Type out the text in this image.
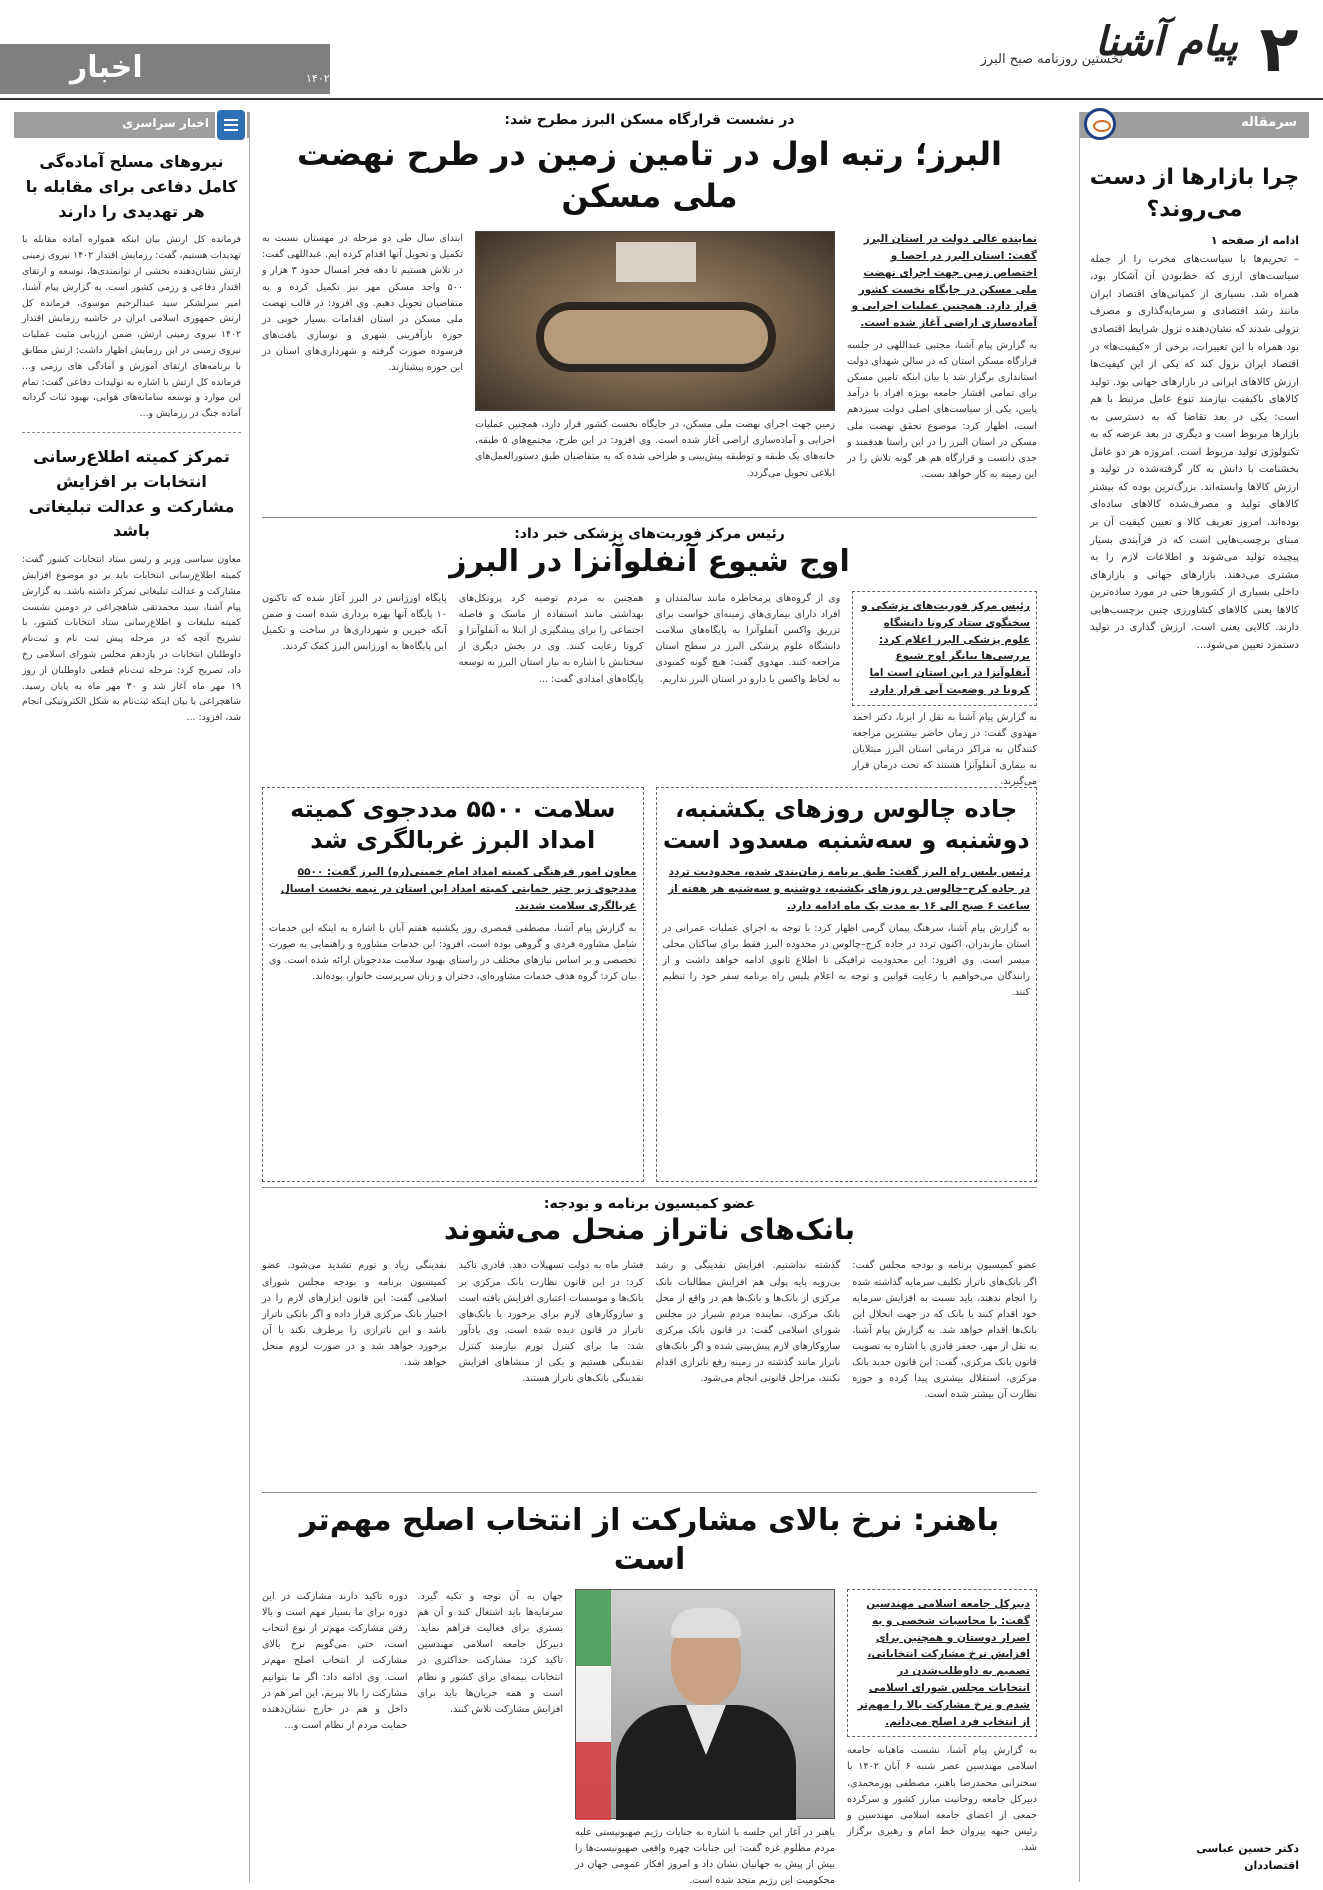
۲
پیام آشنا
نخستین روزنامه صبح البرز
شماره ۲۴۰۴
دوشنبه / ۸ آبان / ۱۴۰۲
اخبار
سرمقاله
چرا بازارها از دست می‌روند؟
ادامه از صفحه ۱
– تحریم‌ها با سیاست‌های مخرب را از جمله سیاست‌های ارزی که خط‌بودن آن آشکار بود، همراه شد. بسیاری از کمپانی‌های اقتصاد ایران مانند رشد اقتصادی و سرمایه‌گذاری و مصرف نزولی شدند که نشان‌دهنده نزول شرایط اقتصادی بود همراه با این تغییرات، برخی از «کیفیت‌ها» در اقتصاد ایران نزول کند که یکی از این کیفیت‌ها ارزش کالاهای ایرانی در بازارهای جهانی بود. تولید کالاهای باکیفیت نیازمند تنوع عامل مرتبط با هم است: یکی در بعد تقاضا که به دسترسی به بازارها مربوط است و دیگری در بعد عرضه که به تکنولوژی تولید مربوط است. امروزه هر دو عامل بخشنامت با دانش به کار گرفته‌شده در تولید و ارزش کالاها وابسته‌اند. بزرگ‌ترین بوده که بیشتر کالاهای تولید و مصرف‌شده کالاهای ساده‌ای بوده‌اند. امروز تعریف کالا و تعیین کیفیت آن بر مبنای برچسب‌هایی است که در فرآیندی بسیار پیچیده تولید می‌شوند و اطلاعات لازم را به مشتری می‌دهند. بازارهای جهانی و بازارهای داخلی بسیاری از کشورها حتی در مورد ساده‌ترین کالاها یعنی کالاهای کشاورزی چنین برچسب‌هایی دارند. کالایی یعنی است. ارزش گذاری در تولید دستمزد تعیین می‌شود...
دکتر حسین عباسی
اقتصاددان
اخبار سراسری
نیروهای مسلح آماده‌گی کامل دفاعی برای مقابله با هر تهدیدی را دارند
فرمانده کل ارتش بیان اینکه همواره آماده مقابله با تهدیدات هستیم، گفت: رزمایش اقتدار ۱۴۰۲ نیروی زمینی ارتش نشان‌دهنده بخشی از توانمندی‌ها، توسعه و ارتقای اقتدار دفاعی و رزمی کشور است. به گزارش پیام آشنا، امیر سرلشکر سید عبدالرحیم موسوی، فرمانده کل ارتش جمهوری اسلامی ایران در حاشیه رزمایش اقتدار ۱۴۰۲ نیروی زمینی ارتش، ضمن ارزیابی مثبت عملیات نیروی زمینی در این رزمایش اظهار داشت: ارتش مطابق با برنامه‌های ارتقای آموزش و آمادگی های رزمی و... فرمانده کل ارتش با اشاره به تولیدات دفاعی گفت: تمام این موارد و توسعه سامانه‌های هوایی، بهبود ثبات گردانه آماده جنگ در رزمایش و...
تمرکز کمیته اطلاع‌رسانی انتخابات بر افزایش مشارکت و عدالت تبلیغاتی باشد
معاون سیاسی وزیر و رئیس ستاد انتخابات کشور گفت: کمیته اطلاع‌رسانی انتخابات باید بر دو موضوع افزایش مشارکت و عدالت تبلیغاتی تمرکز داشته باشد. به گزارش پیام آشنا، سید محمدتقی شاهچراغی در دومین نشست کمیته تبلیغات و اطلاع‌رسانی ستاد انتخابات کشور، با تشریح آنچه که در مرحله پیش ثبت نام و ثبت‌نام داوطلبان انتخابات در یازدهم مجلس شورای اسلامی رخ داد، تصریح کرد: مرحله ثبت‌نام قطعی داوطلبان از روز ۱۹ مهر ماه آغاز شد و ۳۰ مهر ماه به پایان رسید. شاهچراغی با بیان اینکه ثبت‌نام به شکل الکترونیکی انجام شد، افزود: ...
در نشست قرارگاه مسکن البرز مطرح شد:
البرز؛ رتبه اول در تامین زمین در طرح نهضت ملی مسکن
نماینده عالی دولت در استان البرز گفت: استان البرز در احصا و اختصاص زمین جهت اجرای نهضت ملی مسکن در جایگاه نخست کشور قرار دارد. همچنین عملیات اجرایی و آماده‌سازی اراضی آغاز شده است.
به گزارش پیام آشنا، مجتبی عبداللهی در جلسه قرارگاه مسکن استان که در سالن شهدای دولت استانداری برگزار شد با بیان اینکه تامین مسکن برای تمامی اقشار جامعه بویژه افراد با درآمد پایین، یکی از سیاست‌های اصلی دولت سیزدهم است، اظهار کرد: موضوع تحقق نهضت ملی مسکن در استان البرز را در این راستا هدفمند و جدی دانست و قرارگاه هم هر گونه تلاش را در این زمینه به کار خواهد بست.
زمین جهت اجرای نهضت ملی مسکن، در جایگاه نخست کشور قرار دارد، همچنین عملیات اجرایی و آماده‌سازی اراضی آغاز شده است. وی افزود: در این طرح، مجتمع‌های ۵ طبقه، خانه‌های یک طبقه و توطبقه پیش‌بینی و طراحی شده که به متقاضیان طبق دستورالعمل‌های ابلاغی تحویل می‌گردد.
ابتدای سال طی دو مرحله در مهستان نسبت به تکمیل و تحویل آنها اقدام کرده ایم. عبداللهی گفت: در تلاش هستیم تا دهه فجر امسال حدود ۳ هزار و ۵۰۰ واحد مسکن مهر نیز تکمیل کرده و به متقاضیان تحویل دهیم. وی افزود: در قالب نهضت ملی مسکن در استان اقدامات بسیار خوبی در حوزه بازآفرینی شهری و نوسازی بافت‌های فرسوده صورت گرفته و شهرداری‌های استان در این حوزه پیشتازند.
رئیس مرکز فوریت‌های پزشکی خبر داد:
اوج شیوع آنفلوآنزا در البرز
رئیس مرکز فوریت‌های پزشکی و سخنگوی ستاد کرونا دانشگاه علوم پزشکی البرز اعلام کرد: بررسی‌ها بیانگر اوج شیوع آنفلوآنزا در این استان است اما کرونا در وضعیت آبی قرار دارد.
به گزارش پیام آشنا به نقل از ایرنا، دکتر احمد مهدوی گفت: در زمان حاضر بیشترین مراجعه کنندگان به مراکز درمانی استان البرز مبتلایان به بیماری آنفلوآنزا هستند که تحت درمان قرار می‌گیرند.
وی از گروه‌های پرمخاطره مانند سالمندان و افراد دارای بیماری‌های زمینه‌ای خواست برای تزریق واکسن آنفلوآنزا به پایگاه‌های سلامت دانشگاه علوم پزشکی البرز در سطح استان مراجعه کنند. مهدوی گفت: هیچ گونه کمبودی به لحاظ واکسن یا دارو در استان البرز نداریم.
همچنین به مردم توصیه کرد پروتکل‌های بهداشتی مانند استفاده از ماسک و فاصله اجتماعی را برای پیشگیری از ابتلا به آنفلوآنزا و کرونا رعایت کنند. وی در بخش دیگری از سخنانش با اشاره به نیاز استان البرز به توسعه پایگاه‌های امدادی گفت: ...
پایگاه اورژانس در البرز آغاز شده که تاکنون ۱۰ پایگاه آنها بهره برداری شده است و ضمن آنکه خیرین و شهرداری‌ها در ساخت و تکمیل این پایگاه‌ها به اورژانس البرز کمک کردند.
جاده چالوس روزهای یکشنبه، دوشنبه و سه‌شنبه مسدود است
رئیس پلیس راه البرز گفت: طبق برنامه زمان‌بندی شده، محدودیت تردد در جاده کرج–چالوس در روزهای یکشنبه، دوشنبه و سه‌شنبه هر هفته از ساعت ۶ صبح الی ۱۶ به مدت یک ماه ادامه دارد.
به گزارش پیام آشنا، سرهنگ پیمان گرمی اظهار کرد: با توجه به اجرای عملیات عمرانی در استان مازندران، اکنون تردد در جاده کرج–چالوس در محدوده البرز فقط برای ساکنان محلی میسر است. وی افزود: این محدودیت ترافیکی تا اطلاع ثانوی ادامه خواهد داشت و از رانندگان می‌خواهیم با رعایت قوانین و توجه به اعلام پلیس راه برنامه سفر خود را تنظیم کنند.
سلامت ۵۵۰۰ مددجوی کمیته امداد البرز غربالگری شد
معاون امور فرهنگی کمیته امداد امام خمینی(ره) البرز گفت: ۵۵۰۰ مددجوی زیر چتر حمایتی کمیته امداد این استان در نیمه نخست امسال غربالگری سلامت شدند.
به گزارش پیام آشنا، مصطفی قمصری روز یکشنبه هفتم آبان با اشاره به اینکه این خدمات شامل مشاوره فردی و گروهی بوده است، افزود: این خدمات مشاوره و راهنمایی به صورت تخصصی و بر اساس نیازهای مختلف در راستای بهبود سلامت مددجویان ارائه شده است. وی بیان کرد: گروه هدف خدمات مشاوره‌ای، دختران و زنان سرپرست خانوار، بوده‌اند.
عضو کمیسیون برنامه و بودجه:
بانک‌های ناتراز منحل می‌شوند
عضو کمیسیون برنامه و بودجه مجلس گفت: اگر بانک‌های ناتراز تکلیف سرمایه‌ گذاشته شده را انجام ندهند، باید نسبت به افزایش سرمایه خود اقدام کنند یا بانک که در جهت انحلال این بانک‌ها اقدام خواهد شد. به گزارش پیام آشنا، به نقل از مهر، جعفر قادری با اشاره به تصویب قانون بانک مرکزی، گفت: این قانون جدید بانک مرکزی، استقلال بیشتری پیدا کرده و حوزه نظارت آن بیشتر شده است.
گذشته نداشتیم. افزایش نقدینگی و رشد بی‌رویه پایه پولی هم افزایش مطالبات بانک مرکزی از بانک‌ها و بانک‌ها هم در واقع از محل بانک مرکزی. نماینده مردم شیراز در مجلس شورای اسلامی گفت: در قانون بانک مرکزی سازوکارهای لازم پیش‌بینی شده و اگر بانک‌های ناتراز مانند گذشته در زمینه رفع ناترازی اقدام نکنند، مراحل قانونی انجام می‌شود.
فشار ماه به دولت تسهیلات دهد. قادری تاکید کرد: در این قانون نظارت بانک مرکزی بر بانک‌ها و موسسات اعتباری افزایش یافته است و سازوکارهای لازم برای برخورد با بانک‌های ناتراز در قانون دیده شده است. وی یادآور شد: ما برای کنترل تورم نیازمند کنترل نقدینگی هستیم و یکی از منشاهای افزایش نقدینگی بانک‌های ناتراز هستند.
نقدینگی زیاد و تورم تشدید می‌شود. عضو کمیسیون برنامه و بودجه مجلس شورای اسلامی گفت: این قانون ابزارهای لازم را در اختیار بانک مرکزی قرار داده و اگر بانکی ناتراز باشد و این ناترازی را برطرف نکند با آن برخورد خواهد شد و در صورت لزوم منحل خواهد شد.
باهنر: نرخ بالای مشارکت از انتخاب اصلح مهم‌تر است
دبیرکل جامعه اسلامی مهندسین گفت: با محاسبات شخصی و به اصرار دوستان و همچنین برای افزایش نرخ مشارکت انتخاباتی، تصمیم به داوطلب‌شدن در انتخابات مجلس شورای اسلامی شدم و نرخ مشارکت بالا را مهم‌تر از انتخاب فرد اصلح می‌دانم.
به گزارش پیام آشنا، نشست ماهیانه جامعه اسلامی مهندسین عصر شنبه ۶ آبان ۱۴۰۲ با سخنرانی محمدرضا باهنر، مصطفی پورمحمدی، دبیرکل جامعه روحانیت مبارز کشور و سرکرده جمعی از اعضای جامعه اسلامی مهندسین و رئیس جبهه پیروان خط امام و رهبری برگزار شد.
باهنر در آغاز این جلسه با اشاره به جنایات رژیم صهیونیستی علیه مردم مظلوم غزه گفت: این جنایات چهره واقعی صهیونیست‌ها را بیش از پیش به جهانیان نشان داد و امروز افکار عمومی جهان در محکومیت این رژیم متحد شده است.
جهان به آن توجه و تکیه گیرد. سرمایه‌ها باید اشتغال کند و آن هم بستری برای فعالیت فراهم نماید. دبیرکل جامعه اسلامی مهندسین تاکید کرد: مشارکت حداکثری در انتخابات بیمه‌ای برای کشور و نظام است و همه جریان‌ها باید برای افزایش مشارکت تلاش کنند.
دوره تاکید دارند مشارکت در این دوره برای ما بسیار مهم است و بالا رفتن مشارکت مهم‌تر از نوع انتخاب است، حتی می‌گویم نرخ بالای مشارکت از انتخاب اصلح مهم‌تر است. وی ادامه داد: اگر ما بتوانیم مشارکت را بالا ببریم، این امر هم در داخل و هم در خارج نشان‌دهنده حمایت مردم از نظام است و...
